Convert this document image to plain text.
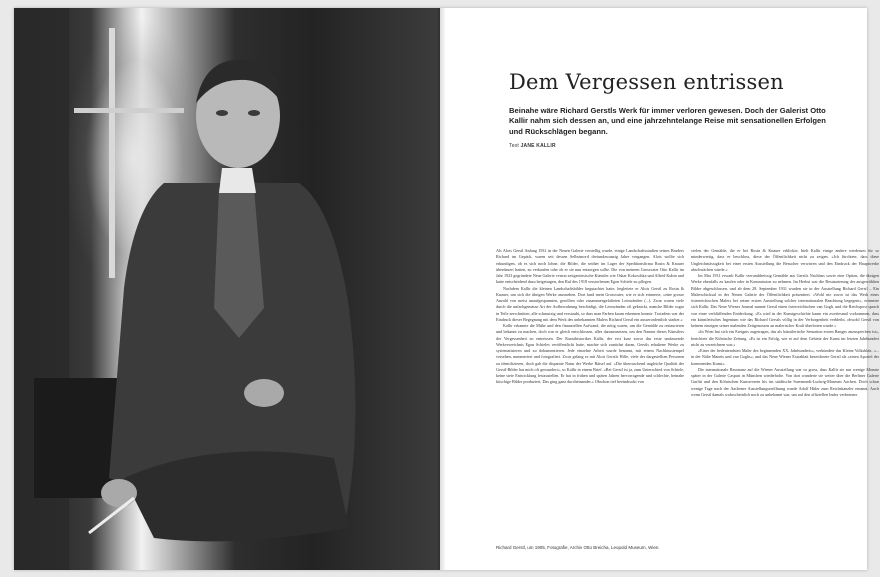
Dem Vergessen entrissen
Beinahe wäre Richard Gerstls Werk für immer verloren gewesen. Doch der Galerist Otto Kallir nahm sich dessen an, und eine jahrzehntelange Reise mit sensationellen Erfolgen und Rückschlägen begann.
Text JANE KALLIR

Als Alois Gerstl Anfang 1931 in der Neuen Galerie vorstellig wurde, einige Landschaftsstudien seines Bruders Richard im Gepäck, waren seit dessen Selbstmord dreiundzwanzig Jahre vergangen. Alois wollte sich erkundigen, ob es sich noch lohne, die Bilder, die seither im Lager der Speditionsfirma Rosin & Knauer überdauert hatten, zu verkaufen oder ob er sie nun entsorgen sollte. Die von meinem Grossvater Otto Kallir im Jahr 1923 gegründete Neue Galerie vertrat zeitgenössische Künstler wie Oskar Kokoschka und Alfred Kubin und hatte entscheidend dazu beigetragen, den Ruf des 1918 verstorbenen Egon Schiele zu pflegen.

Nachdem Kallir die kleinen Landschaftsbilder begutachtet hatte, begleitete er Alois Gerstl zu Rosin & Knauer, um sich die übrigen Werke anzusehen. Dort fand mein Grossvater, wie er sich erinnerte, »eine grosse Anzahl von meist unaufgespannten, gerollten oder zusammengefalteten Leinwänden (...). Zwar waren viele durch die unfachgemässe Art der Aufbewahrung beschädigt, die Leinwänden oft geknickt, manche Bilder sogar in Teile zerschnitten, alle schmutzig und verstaubt, so dass man Farben kaum erkennen konnte. Trotzdem war der Eindruck dieser Begegnung mit dem Werk des unbekannten Malers Richard Gerstl ein ausserordentlich starker.«

Kallir erkannte die Mühe und den finanziellen Aufwand, die nötig waren, um die Gemälde zu restaurieren und bekannt zu machen, doch war er gleich entschlossen, alles daranzusetzen, um den Namen dieses Künstlers der Vergessenheit zu entreissen. Der Kunsthistoriker Kallir, der erst kurz zuvor das erste umfassende Werkverzeichnis Egon Schieles veröffentlicht hatte, machte sich zunächst daran, Gerstls erhaltene Werke zu systematisieren und zu dokumentieren. Jede einzelne Arbeit wurde benannt, mit einem Nachlassstempel versehen, nummeriert und fotografiert. Zwar gelang es mit Alois Gerstls Hilfe, viele der dargestellten Personen zu identifizieren, doch gab die disparate Natur der Werke Rätsel auf. »Die überraschend ungleiche Qualität der Gerstl-Bilder hat mich oft gewundert«, so Kallir in einem Brief. »Bei Gerstl ist ja, zum Unterschied von Schiele, keine stete Entwicklung festzustellen. Er hat in frühen und späten Jahren hervorragende und schlechte, beinahe kitschige Bilder produziert. Das ging ganz durcheinander.« Obschon tief beeindruckt von

vielen der Gemälde, die er bei Rosin & Knauer erblickte, hielt Kallir einige andere wiederum für so minderwertig, dass er beschloss, diese der Öffentlichkeit nicht zu zeigen. »Ich fürchtete, dass diese Ungleichmässigkeit bei einer ersten Ausstellung die Besucher verwirren und den Eindruck der Hauptwerke abschwächen würde.«

Im Mai 1931 erwarb Kallir vierunddreissig Gemälde aus Gerstls Nachlass sowie eine Option, die übrigen Werke ebenfalls zu kaufen oder in Kommission zu nehmen. Im Herbst war die Restaurierung der ausgewählten Bilder abgeschlossen, und ab dem 28. September 1931 wurden sie in der Ausstellung Richard Gerstl – Ein Malerschicksal in der Neuen Galerie der Öffentlichkeit präsentiert. »Wohl nie zuvor ist das Werk eines österreichischen Malers bei seiner ersten Ausstellung solcher internationalen Beachtung begegnet«, erinnerte sich Kallir. Das Neue Wiener Journal nannte Gerstl einen österreichischen van Gogh, und die Reichspost sprach von einer verblüffenden Entdeckung. »Es wird in der Kunstgeschichte kaum ein zweitesmal vorkommen, dass ein künstlerisches Ingenium wie das Richard Gerstls völlig in der Verborgenheit verbleibt, obwohl Gerstl von keinem einzigen seiner malenden Zeitgenossen an malerischer Kraft überboten wurde.«

»In Wien hat sich ein Ereignis zugetragen, das als künstlerische Sensation ersten Ranges anzusprechen ist«, berichtete die Kölnische Zeitung. »Es ist ein Erfolg, wie er auf dem Gebiete der Kunst im letzten Jahrhundert nicht zu verzeichnen war.«

»Einer der bedeutendsten Maler des beginnenden XX. Jahrhunderts«, verkündete das Kleine Volksblatt, »... in der Nähe Manets und van Goghs«, und das Neue Wiener Extrablatt bezeichnete Gerstl als »einen Apostel der kommenden Kunst«.

Die internationale Resonanz auf die Wiener Ausstellung war so gross, dass Kallir sie nur wenige Monate später in der Galerie Caspari in München wiederholte. Von dort wanderte sie weiter über die Berliner Galerie Gurlitt und den Kölnischen Kunstverein bis ins städtische Suermondt-Ludwig-Museum Aachen. Doch schon wenige Tage nach der Aachener Ausstellungseröffnung wurde Adolf Hitler zum Reichskanzler ernannt. Auch wenn Gerstl damals wahrscheinlich noch zu unbekannt war, um auf den offiziellen Index verbotener

Richard Gerstl, um 1905, Fotografie, Archiv Otto Breicha, Leopold Museum, Wien.
